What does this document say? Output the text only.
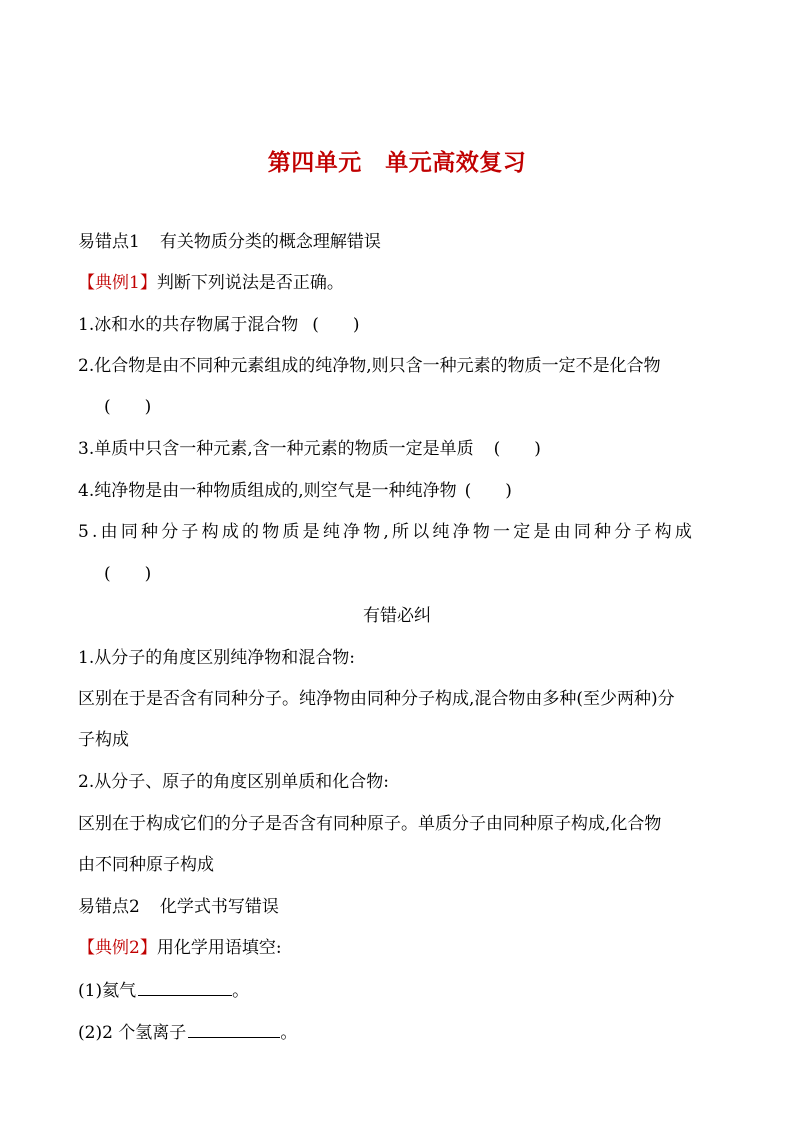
第四单元　单元高效复习
易错点1 有关物质分类的概念理解错误
【典例1】判断下列说法是否正确。
1.冰和水的共存物属于混合物 (　　)
2.化合物是由不同种元素组成的纯净物,则只含一种元素的物质一定不是化合物
(　　)
3.单质中只含一种元素,含一种元素的物质一定是单质 (　　)
4.纯净物是由一种物质组成的,则空气是一种纯净物 (　　)
5.由同种分子构成的物质是纯净物,所以纯净物一定是由同种分子构成
(　　)
有错必纠
1.从分子的角度区别纯净物和混合物:
区别在于是否含有同种分子。纯净物由同种分子构成,混合物由多种(至少两种)分
子构成
2.从分子、原子的角度区别单质和化合物:
区别在于构成它们的分子是否含有同种原子。单质分子由同种原子构成,化合物
由不同种原子构成
易错点2 化学式书写错误
【典例2】用化学用语填空:
(1)氦气	。
(2)2 个氢离子	。
